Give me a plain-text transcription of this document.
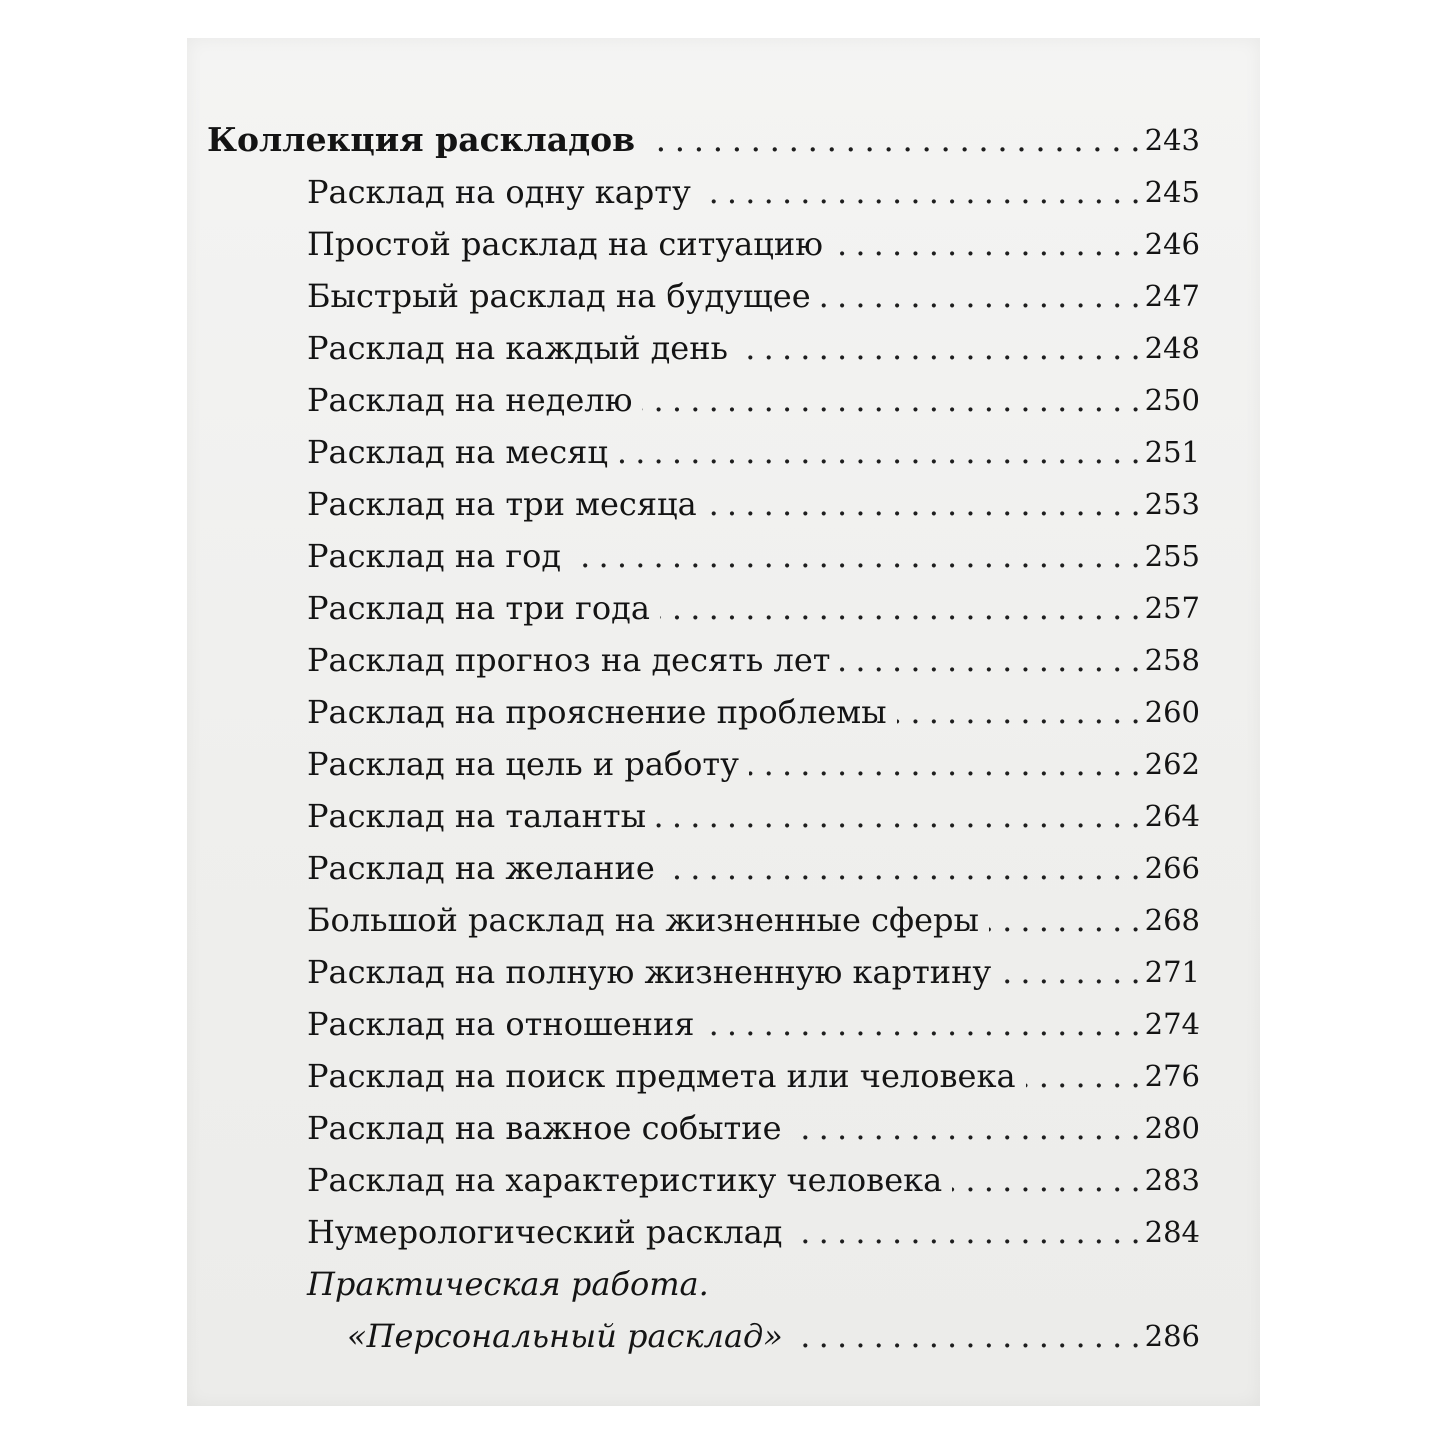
Коллекция раскладов . . .	243
Расклад на одну карту . . .	245
Простой расклад на ситуацию . . .	246
Быстрый расклад на будущее . . .	247
Расклад на каждый день . . .	248
Расклад на неделю . . .	250
Расклад на месяц . . .	251
Расклад на три месяца . . .	253
Расклад на год . . .	255
Расклад на три года . . .	257
Расклад прогноз на десять лет . . .	258
Расклад на прояснение проблемы . . .	260
Расклад на цель и работу . . .	262
Расклад на таланты . . .	264
Расклад на желание . . .	266
Большой расклад на жизненные сферы . . .	268
Расклад на полную жизненную картину . . .	271
Расклад на отношения . . .	274
Расклад на поиск предмета или человека . . .	276
Расклад на важное событие . . .	280
Расклад на характеристику человека . . .	283
Нумерологический расклад . . .	284
Практическая работа.
«Персональный расклад» . . .	286
